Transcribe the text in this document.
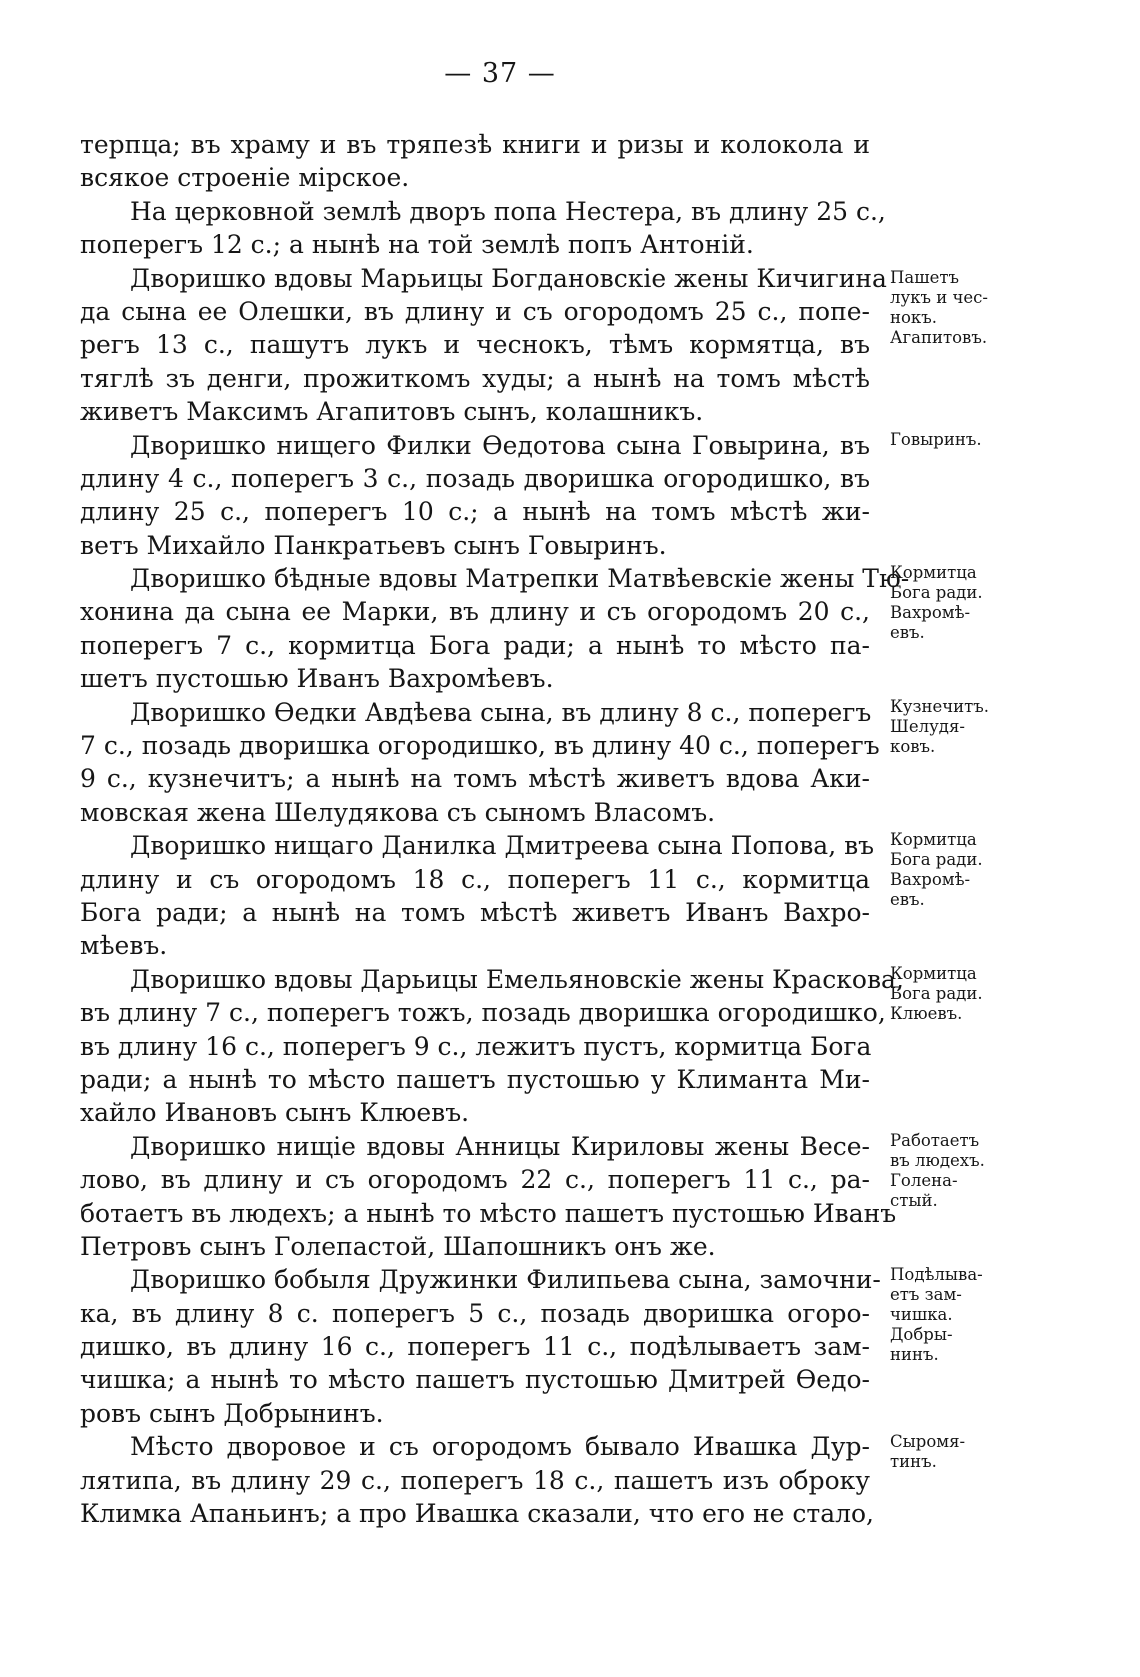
— 37 —
терпца; въ храму и въ тряпезѣ книги и ризы и колокола и
всякое строеніе мірское.
На церковной землѣ дворъ попа Нестера, въ длину 25 с.,
поперегъ 12 с.; а нынѣ на той землѣ попъ Антоній.
Дворишко вдовы Марьицы Богдановскіе жены Кичигина
да сына ее Олешки, въ длину и съ огородомъ 25 с., попе-
регъ 13 с., пашутъ лукъ и чеснокъ, тѣмъ кормятца, въ
тяглѣ зъ денги, прожиткомъ худы; а нынѣ на томъ мѣстѣ
живетъ Максимъ Агапитовъ сынъ, колашникъ.
Дворишко нищего Филки Ѳедотова сына Говырина, въ
длину 4 с., поперегъ 3 с., позадь дворишка огородишко, въ
длину 25 с., поперегъ 10 с.; а нынѣ на томъ мѣстѣ жи-
ветъ Михайло Панкратьевъ сынъ Говыринъ.
Дворишко бѣдные вдовы Матрепки Матвѣевскіе жены Тю-
хонина да сына ее Марки, въ длину и съ огородомъ 20 с.,
поперегъ 7 с., кормитца Бога ради; а нынѣ то мѣсто па-
шетъ пустошью Иванъ Вахромѣевъ.
Дворишко Ѳедки Авдѣева сына, въ длину 8 с., поперегъ
7 с., позадь дворишка огородишко, въ длину 40 с., поперегъ
9 с., кузнечитъ; а нынѣ на томъ мѣстѣ живетъ вдова Аки-
мовская жена Шелудякова съ сыномъ Власомъ.
Дворишко нищаго Данилка Дмитреева сына Попова, въ
длину и съ огородомъ 18 с., поперегъ 11 с., кормитца
Бога ради; а нынѣ на томъ мѣстѣ живетъ Иванъ Вахро-
мѣевъ.
Дворишко вдовы Дарьицы Емельяновскіе жены Краскова,
въ длину 7 с., поперегъ тожъ, позадь дворишка огородишко,
въ длину 16 с., поперегъ 9 с., лежитъ пустъ, кормитца Бога
ради; а нынѣ то мѣсто пашетъ пустошью у Климанта Ми-
хайло Ивановъ сынъ Клюевъ.
Дворишко нищіе вдовы Анницы Кириловы жены Весе-
лово, въ длину и съ огородомъ 22 с., поперегъ 11 с., ра-
ботаетъ въ людехъ; а нынѣ то мѣсто пашетъ пустошью Иванъ
Петровъ сынъ Голепастой, Шапошникъ онъ же.
Дворишко бобыля Дружинки Филипьева сына, замочни-
ка, въ длину 8 с. поперегъ 5 с., позадь дворишка огоро-
дишко, въ длину 16 с., поперегъ 11 с., подѣлываетъ зам-
чишка; а нынѣ то мѣсто пашетъ пустошью Дмитрей Ѳедо-
ровъ сынъ Добрынинъ.
Мѣсто дворовое и съ огородомъ бывало Ивашка Дур-
лятипа, въ длину 29 с., поперегъ 18 с., пашетъ изъ оброку
Климка Апаньинъ; а про Ивашка сказали, что его не стало,
Пашетъ
лукъ и чес-
нокъ.
Агапитовъ.
Говыринъ.
Кормитца
Бога ради.
Вахромѣ-
евъ.
Кузнечитъ.
Шелудя-
ковъ.
Кормитца
Бога ради.
Вахромѣ-
евъ.
Кормитца
Бога ради.
Клюевъ.
Работаетъ
въ людехъ.
Голена-
стый.
Подѣлыва-
етъ зам-
чишка.
Добры-
нинъ.
Сыромя-
тинъ.
